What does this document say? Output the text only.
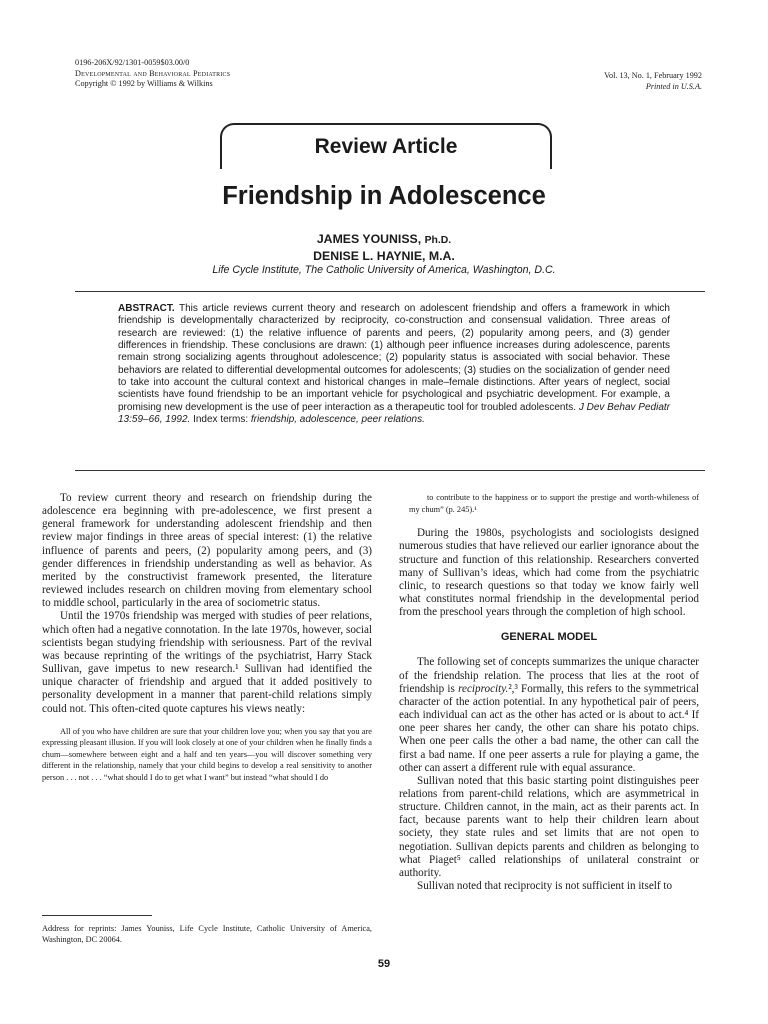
0196-206X/92/1301-0059$03.00/0
Developmental and Behavioral Pediatrics
Copyright © 1992 by Williams & Wilkins
Vol. 13, No. 1, February 1992
Printed in U.S.A.
Review Article
Friendship in Adolescence
JAMES YOUNISS, Ph.D.
DENISE L. HAYNIE, M.A.
Life Cycle Institute, The Catholic University of America, Washington, D.C.
ABSTRACT. This article reviews current theory and research on adolescent friendship and offers a framework in which friendship is developmentally characterized by reciprocity, co-construction and consensual validation. Three areas of research are reviewed: (1) the relative influence of parents and peers, (2) popularity among peers, and (3) gender differences in friendship. These conclusions are drawn: (1) although peer influence increases during adolescence, parents remain strong socializing agents throughout adolescence; (2) popularity status is associated with social behavior. These behaviors are related to differential developmental outcomes for adolescents; (3) studies on the socialization of gender need to take into account the cultural context and historical changes in male–female distinctions. After years of neglect, social scientists have found friendship to be an important vehicle for psychological and psychiatric development. For example, a promising new development is the use of peer interaction as a therapeutic tool for troubled adolescents. J Dev Behav Pediatr 13:59–66, 1992. Index terms: friendship, adolescence, peer relations.

To review current theory and research on friendship during the adolescence era beginning with pre-adolescence, we first present a general framework for understanding adolescent friendship and then review major findings in three areas of special interest: (1) the relative influence of parents and peers, (2) popularity among peers, and (3) gender differences in friendship understanding as well as behavior. As merited by the constructivist framework presented, the literature reviewed includes research on children moving from elementary school to middle school, particularly in the area of sociometric status.

Until the 1970s friendship was merged with studies of peer relations, which often had a negative connotation. In the late 1970s, however, social scientists began studying friendship with seriousness. Part of the revival was because reprinting of the writings of the psychiatrist, Harry Stack Sullivan, gave impetus to new research.¹ Sullivan had identified the unique character of friendship and argued that it added positively to personality development in a manner that parent-child relations simply could not. This often-cited quote captures his views neatly:

All of you who have children are sure that your children love you; when you say that you are expressing pleasant illusion. If you will look closely at one of your children when he finally finds a chum—somewhere between eight and a half and ten years—you will discover something very different in the relationship, namely that your child begins to develop a real sensitivity to another person . . . not . . . “what should I do to get what I want” but instead “what should I do

Address for reprints: James Youniss, Life Cycle Institute, Catholic University of America, Washington, DC 20064.

to contribute to the happiness or to support the prestige and worth-whileness of my chum” (p. 245).¹

During the 1980s, psychologists and sociologists designed numerous studies that have relieved our earlier ignorance about the structure and function of this relationship. Researchers converted many of Sullivan’s ideas, which had come from the psychiatric clinic, to research questions so that today we know fairly well what constitutes normal friendship in the developmental period from the preschool years through the completion of high school.

GENERAL MODEL

The following set of concepts summarizes the unique character of the friendship relation. The process that lies at the root of friendship is reciprocity.²,³ Formally, this refers to the symmetrical character of the action potential. In any hypothetical pair of peers, each individual can act as the other has acted or is about to act.⁴ If one peer shares her candy, the other can share his potato chips. When one peer calls the other a bad name, the other can call the first a bad name. If one peer asserts a rule for playing a game, the other can assert a different rule with equal assurance.

Sullivan noted that this basic starting point distinguishes peer relations from parent-child relations, which are asymmetrical in structure. Children cannot, in the main, act as their parents act. In fact, because parents want to help their children learn about society, they state rules and set limits that are not open to negotiation. Sullivan depicts parents and children as belonging to what Piaget⁵ called relationships of unilateral constraint or authority.

Sullivan noted that reciprocity is not sufficient in itself to

59
